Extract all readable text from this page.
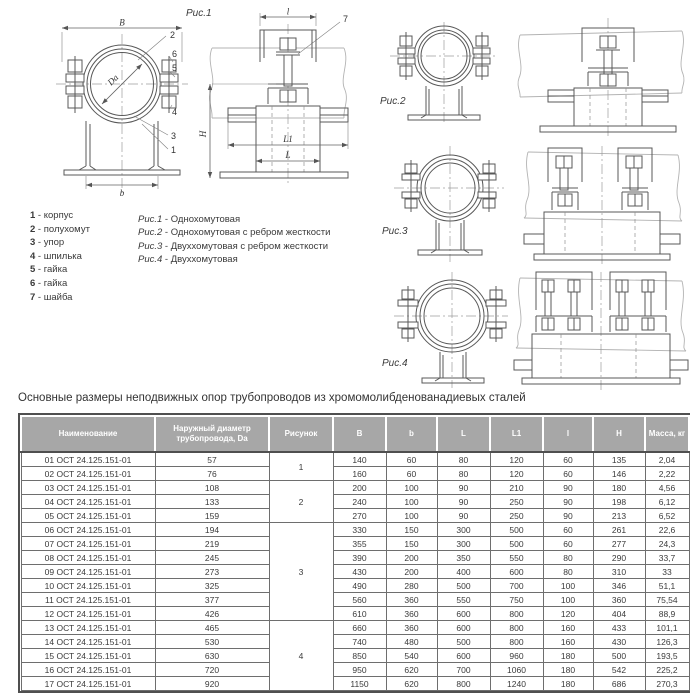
Рис.1
B
b
Da
2
6
5
4
3
1
l
7
H	L1
L
Рис.2
Рис.3
Рис.4
1 - корпус
2 - полухомут
3 - упор
4 - шпилька
5 - гайка
6 - гайка
7 - шайба
Рис.1 - Однохомутовая
Рис.2 - Однохомутовая с ребром жесткости
Рис.3 - Двуххомутовая с ребром жесткости
Рис.4 - Двуххомутовая
Основные размеры неподвижных опор трубопроводов из хромомолибденованадиевых сталей
Наименование	Наружный диаметр трубопровода, Da	Рисунок	B	b	L	L1	l	H	Масса, кг
01 ОСТ 24.125.151-01	57	1	140	60	80	120	60	135	2,04
02 ОСТ 24.125.151-01	76		160	60	80	120	60	146	2,22
03 ОСТ 24.125.151-01	108	2	200	100	90	210	90	180	4,56
04 ОСТ 24.125.151-01	133		240	100	90	250	90	198	6,12
05 ОСТ 24.125.151-01	159		270	100	90	250	90	213	6,52
06 ОСТ 24.125.151-01	194	3	330	150	300	500	60	261	22,6
07 ОСТ 24.125.151-01	219		355	150	300	500	60	277	24,3
08 ОСТ 24.125.151-01	245		390	200	350	550	80	290	33,7
09 ОСТ 24.125.151-01	273		430	200	400	600	80	310	33
10 ОСТ 24.125.151-01	325		490	280	500	700	100	346	51,1
11 ОСТ 24.125.151-01	377		560	360	550	750	100	360	75,54
12 ОСТ 24.125.151-01	426		610	360	600	800	120	404	88,9
13 ОСТ 24.125.151-01	465	4	660	360	600	800	160	433	101,1
14 ОСТ 24.125.151-01	530		740	480	500	800	160	430	126,3
15 ОСТ 24.125.151-01	630		850	540	600	960	180	500	193,5
16 ОСТ 24.125.151-01	720		950	620	700	1060	180	542	225,2
17 ОСТ 24.125.151-01	920		1150	620	800	1240	180	686	270,3
